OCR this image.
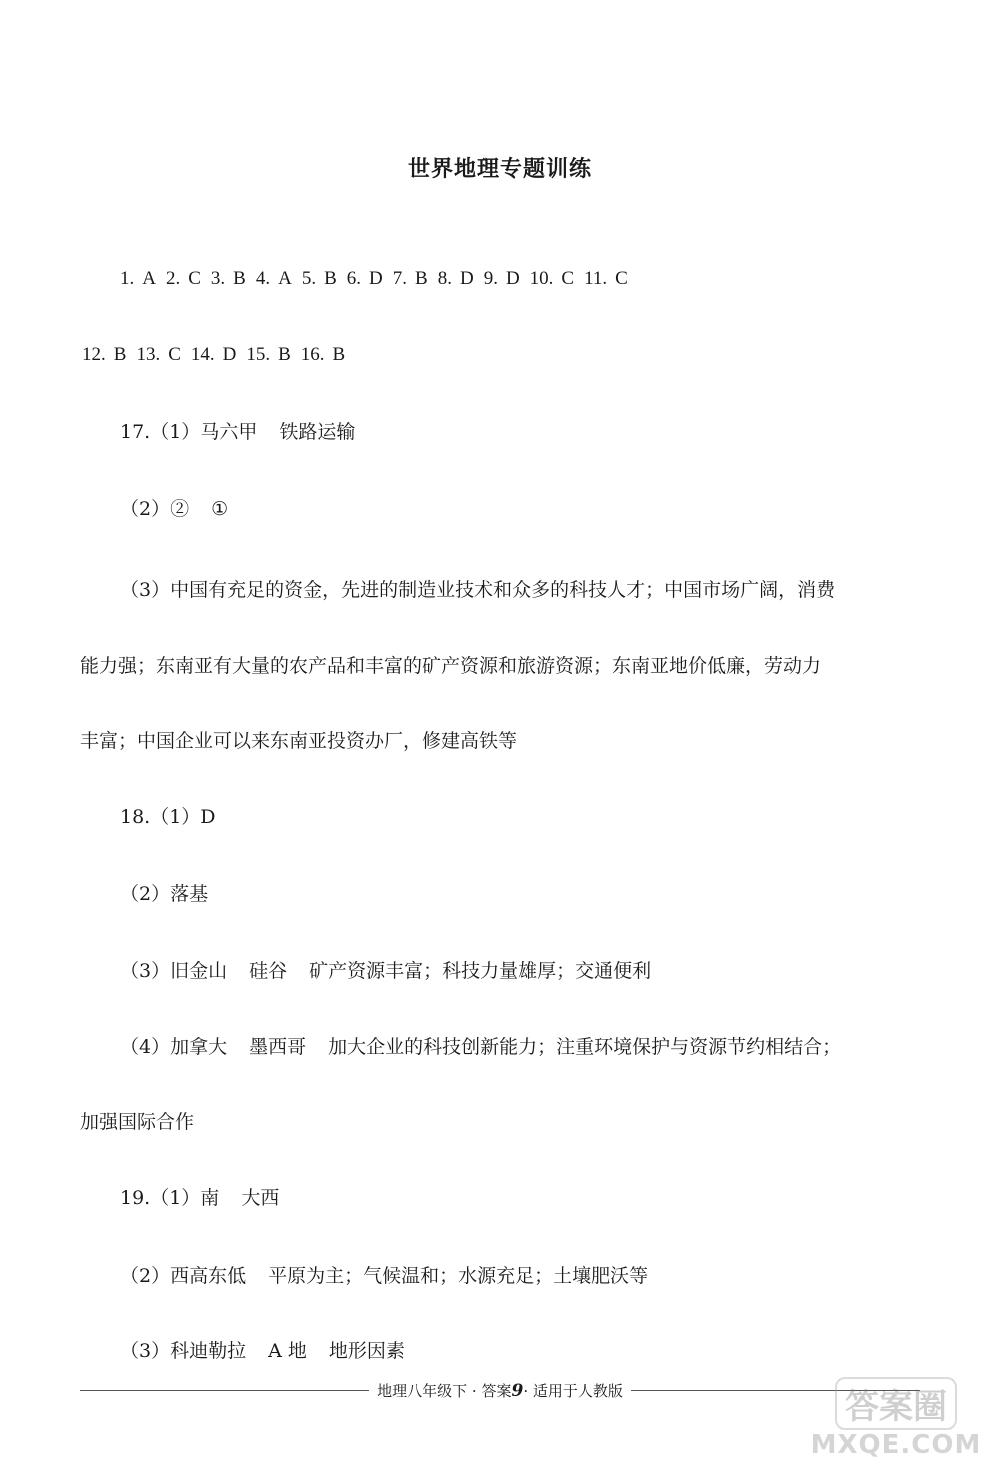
世界地理专题训练
1. A 2. C 3. B 4. A 5. B 6. D 7. B 8. D 9. D 10. C 11. C
12. B 13. C 14. D 15. B 16. B
17.（1）马六甲 铁路运输
（2）② ①
（3）中国有充足的资金，先进的制造业技术和众多的科技人才；中国市场广阔，消费
能力强；东南亚有大量的农产品和丰富的矿产资源和旅游资源；东南亚地价低廉，劳动力
丰富；中国企业可以来东南亚投资办厂，修建高铁等
18.（1）D
（2）落基
（3）旧金山 硅谷 矿产资源丰富；科技力量雄厚；交通便利
（4）加拿大 墨西哥 加大企业的科技创新能力；注重环境保护与资源节约相结合；
加强国际合作
19.（1）南 大西
（2）西高东低 平原为主；气候温和；水源充足；土壤肥沃等
（3）科迪勒拉 A 地 地形因素
地理八年级下 · 答案9· 适用于人教版	答案圈
MXQE.COM
